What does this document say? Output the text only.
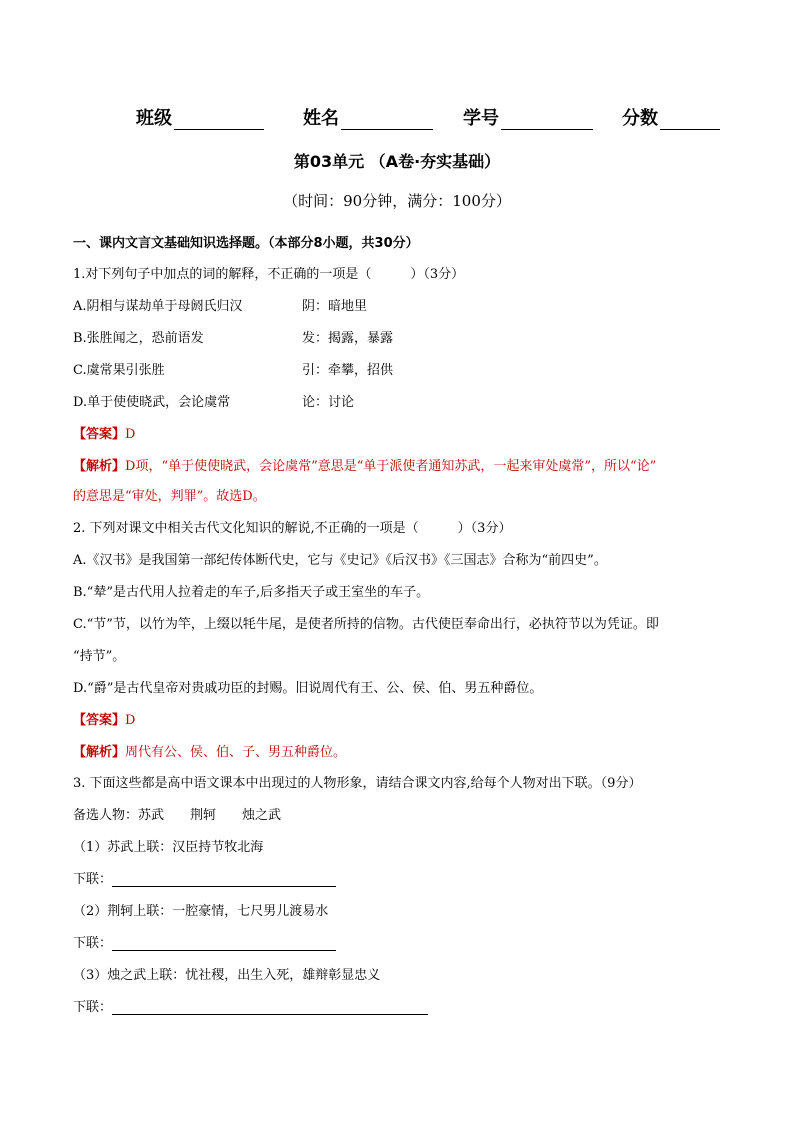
班级	姓名	学号	分数
第03单元 （A卷·夯实基础）
（时间：90分钟，满分：100分）
一、课内文言文基础知识选择题。（本部分8小题，共30分）
1.对下列句子中加点的词的解释，不正确的一项是（　　　）（3分）
A.阴相与谋劫单于母阏氏归汉	阴：暗地里
B.张胜闻之，恐前语发	发：揭露，暴露
C.虞常果引张胜	引：牵攀，招供
D.单于使使晓武，会论虞常	论：讨论
【答案】D
【解析】D项，“单于使使晓武，会论虞常”意思是“单于派使者通知苏武，一起来审处虞常”，所以“论”
的意思是“审处，判罪”。故选D。
2. 下列对课文中相关古代文化知识的解说,不正确的一项是（　　　）（3分）
A.《汉书》是我国第一部纪传体断代史，它与《史记》《后汉书》《三国志》合称为“前四史”。
B.“辇”是古代用人拉着走的车子,后多指天子或王室坐的车子。
C.“节”节，以竹为竿，上缀以牦牛尾，是使者所持的信物。古代使臣奉命出行，必执符节以为凭证。即
“持节”。
D.“爵”是古代皇帝对贵戚功臣的封赐。旧说周代有王、公、侯、伯、男五种爵位。
【答案】D
【解析】周代有公、侯、伯、子、男五种爵位。
3. 下面这些都是高中语文课本中出现过的人物形象，请结合课文内容,给每个人物对出下联。（9分）
备选人物：苏武　　荆轲　　烛之武
（1）苏武上联：汉臣持节牧北海
下联：
（2）荆轲上联：一腔豪情，七尺男儿渡易水
下联：
（3）烛之武上联：忧社稷，出生入死，雄辩彰显忠义
下联：
